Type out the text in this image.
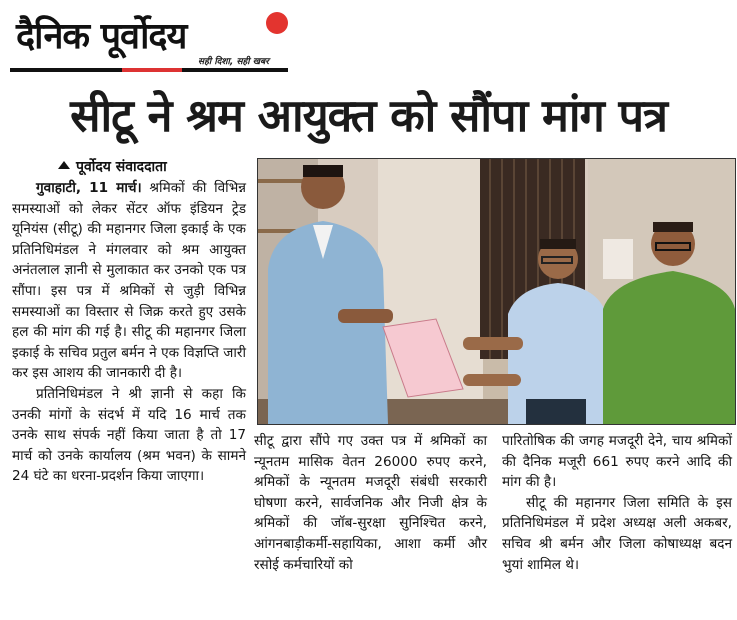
दैनिक पूर्वोदय
सही दिशा, सही खबर
सीटू ने श्रम आयुक्त को सौंपा मांग पत्र
पूर्वोदय संवाददाता

गुवाहाटी, 11 मार्च। श्रमिकों की विभिन्न समस्याओं को लेकर सेंटर ऑफ इंडियन ट्रेड यूनियंस (सीटू) की महानगर जिला इकाई के एक प्रतिनिधिमंडल ने मंगलवार को श्रम आयुक्त अनंतलाल ज्ञानी से मुलाकात कर उनको एक पत्र सौंपा। इस पत्र में श्रमिकों से जुड़ी विभिन्न समस्याओं का विस्तार से जिक्र करते हुए उसके हल की मांग की गई है। सीटू की महानगर जिला इकाई के सचिव प्रतुल बर्मन ने एक विज्ञप्ति जारी कर इस आशय की जानकारी दी है।

प्रतिनिधिमंडल ने श्री ज्ञानी से कहा कि उनकी मांगों के संदर्भ में यदि 16 मार्च तक उनके साथ संपर्क नहीं किया जाता है तो 17 मार्च को उनके कार्यालय (श्रम भवन) के सामने 24 घंटे का धरना-प्रदर्शन किया जाएगा।

सीटू द्वारा सौंपे गए उक्त पत्र में श्रमिकों का न्यूनतम मासिक वेतन 26000 रुपए करने, श्रमिकों के न्यूनतम मजदूरी संबंधी सरकारी घोषणा करने, सार्वजनिक और निजी क्षेत्र के श्रमिकों की जॉब-सुरक्षा सुनिश्चित करने, आंगनबाड़ीकर्मी-सहायिका, आशा कर्मी और रसोई कर्मचारियों को

पारितोषिक की जगह मजदूरी देने, चाय श्रमिकों की दैनिक मजूरी 661 रुपए करने आदि की मांग की है।

सीटू की महानगर जिला समिति के इस प्रतिनिधिमंडल में प्रदेश अध्यक्ष अली अकबर, सचिव श्री बर्मन और जिला कोषाध्यक्ष बदन भुयां शामिल थे।
